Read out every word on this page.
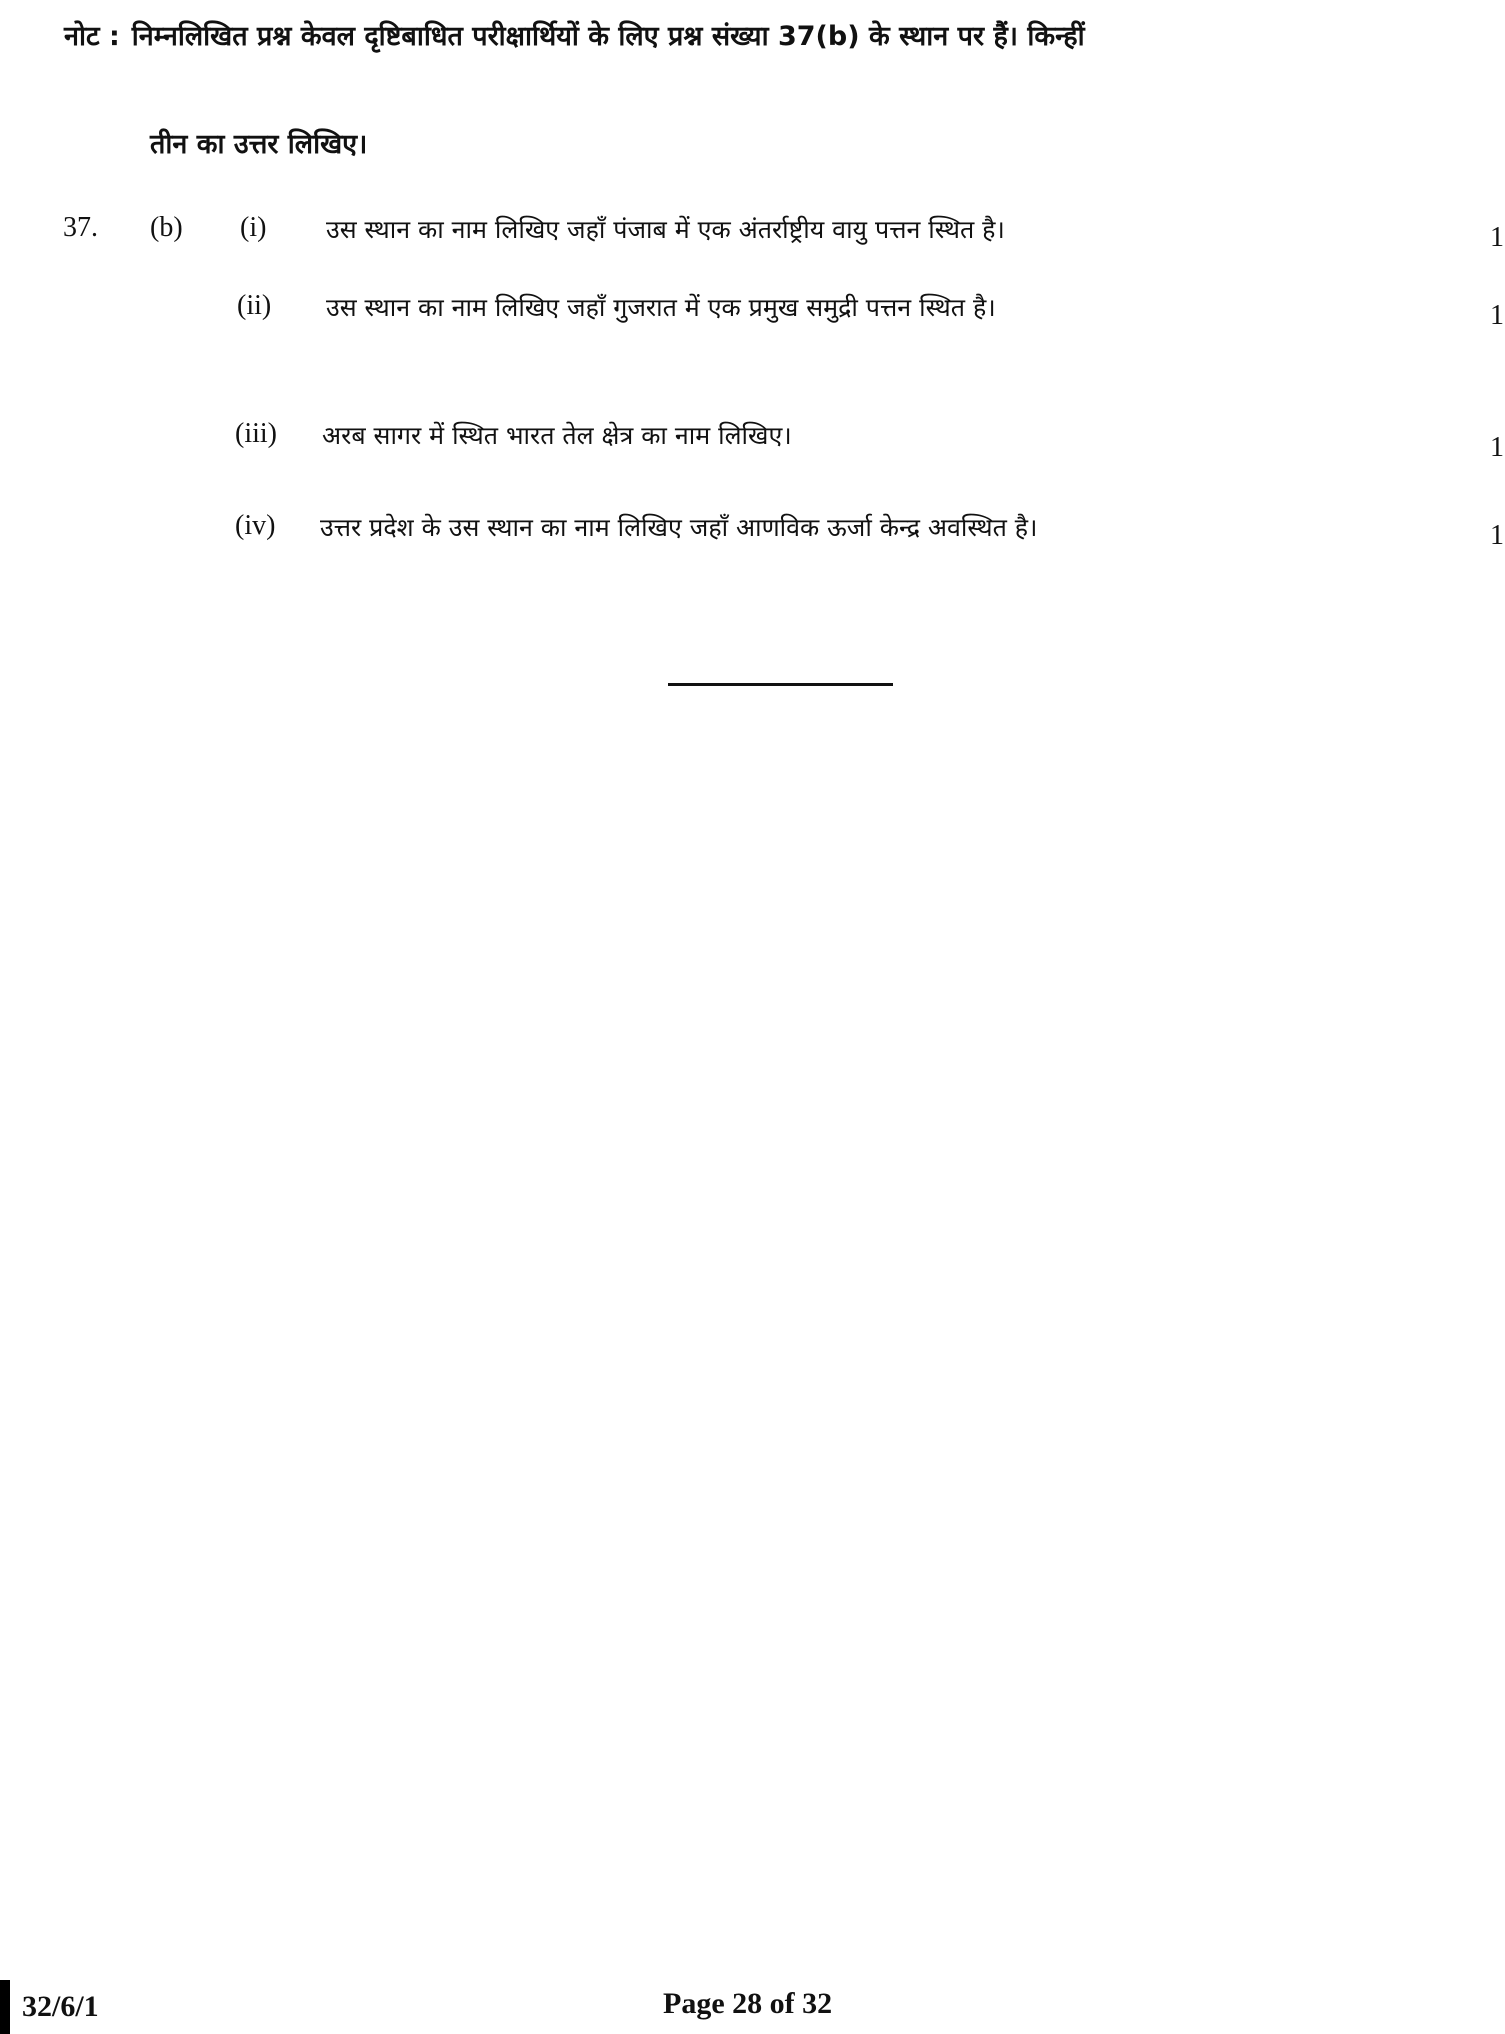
नोट : निम्नलिखित प्रश्न केवल दृष्टिबाधित परीक्षार्थियों के लिए प्रश्न संख्या 37(b) के स्थान पर हैं। किन्हीं
तीन का उत्तर लिखिए।
37. (b) (i) उस स्थान का नाम लिखिए जहाँ पंजाब में एक अंतर्राष्ट्रीय वायु पत्तन स्थित है।	1
(ii) उस स्थान का नाम लिखिए जहाँ गुजरात में एक प्रमुख समुद्री पत्तन स्थित है।	1
(iii) अरब सागर में स्थित भारत तेल क्षेत्र का नाम लिखिए।	1
(iv) उत्तर प्रदेश के उस स्थान का नाम लिखिए जहाँ आणविक ऊर्जा केन्द्र अवस्थित है।	1
32/6/1	Page 28 of 32
